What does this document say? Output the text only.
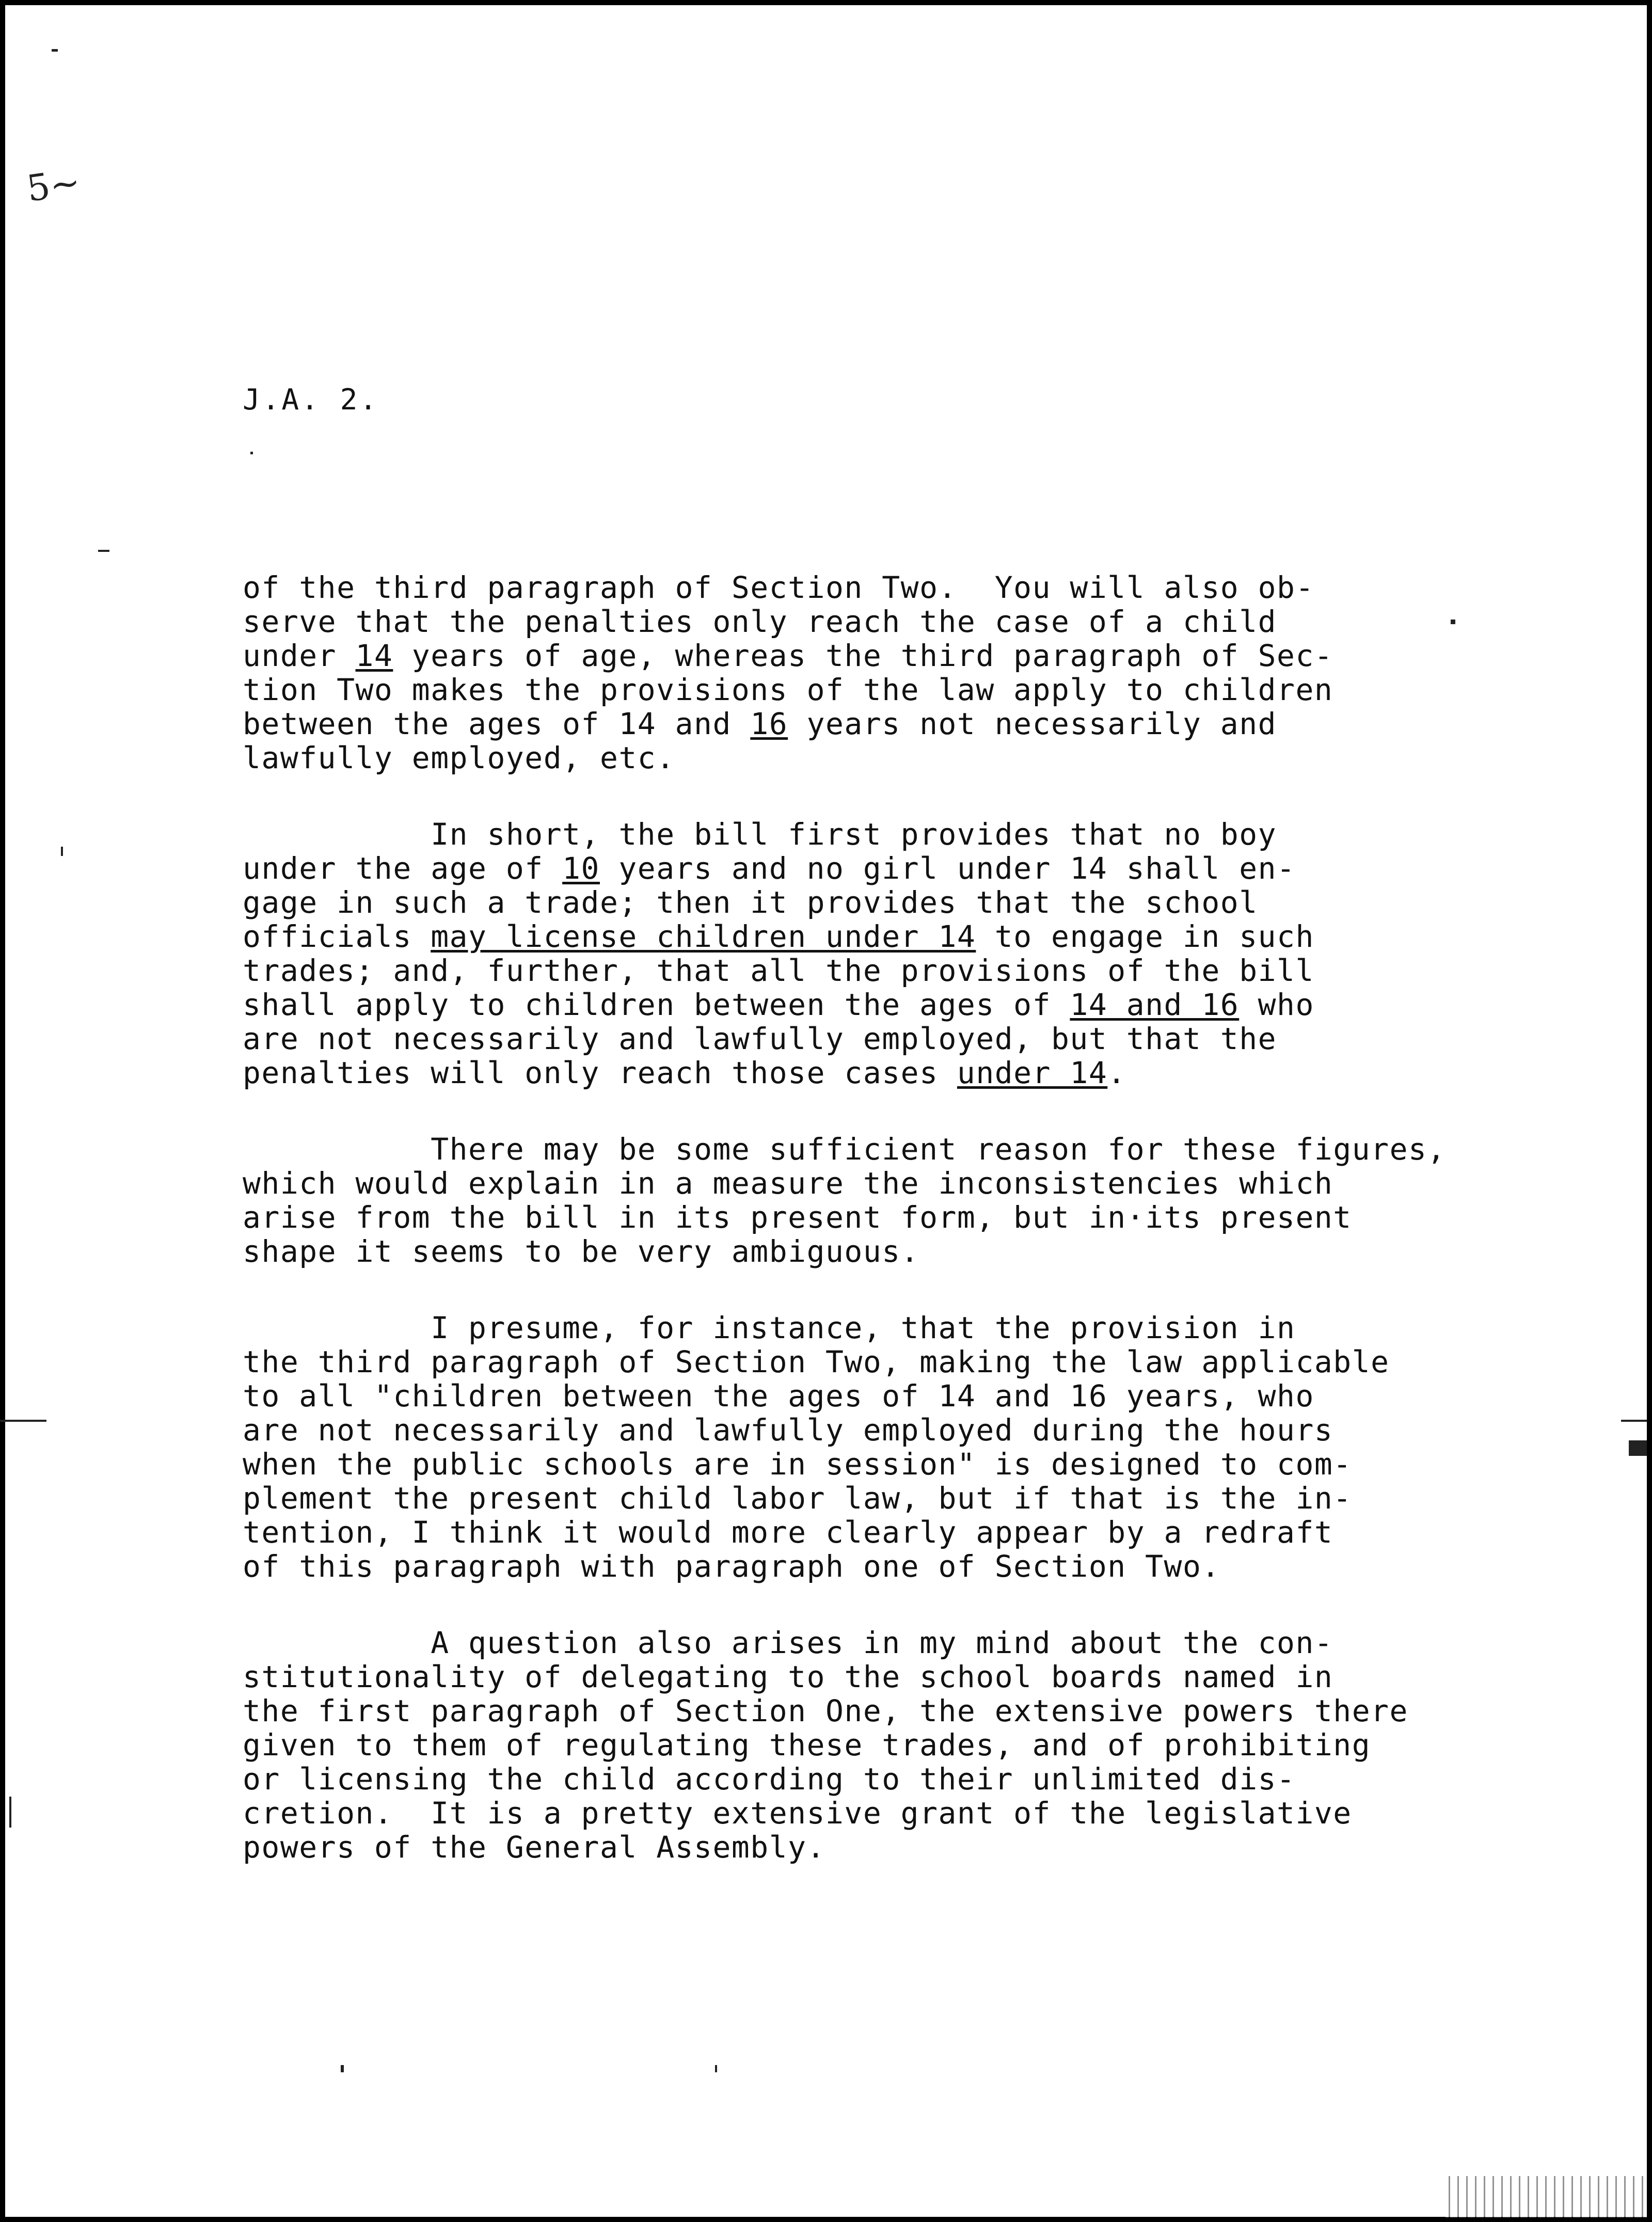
5~
J.A. 2.

of the third paragraph of Section Two.  You will also ob-
serve that the penalties only reach the case of a child
under 14 years of age, whereas the third paragraph of Sec-
tion Two makes the provisions of the law apply to children
between the ages of 14 and 16 years not necessarily and
lawfully employed, etc.

In short, the bill first provides that no boy
under the age of 10 years and no girl under 14 shall en-
gage in such a trade; then it provides that the school
officials may license children under 14 to engage in such
trades; and, further, that all the provisions of the bill
shall apply to children between the ages of 14 and 16 who
are not necessarily and lawfully employed, but that the
penalties will only reach those cases under 14.

There may be some sufficient reason for these figures,
which would explain in a measure the inconsistencies which
arise from the bill in its present form, but in·its present
shape it seems to be very ambiguous.

I presume, for instance, that the provision in
the third paragraph of Section Two, making the law applicable
to all "children between the ages of 14 and 16 years, who
are not necessarily and lawfully employed during the hours
when the public schools are in session" is designed to com-
plement the present child labor law, but if that is the in-
tention, I think it would more clearly appear by a redraft
of this paragraph with paragraph one of Section Two.

A question also arises in my mind about the con-
stitutionality of delegating to the school boards named in
the first paragraph of Section One, the extensive powers there
given to them of regulating these trades, and of prohibiting
or licensing the child according to their unlimited dis-
cretion.  It is a pretty extensive grant of the legislative
powers of the General Assembly.
